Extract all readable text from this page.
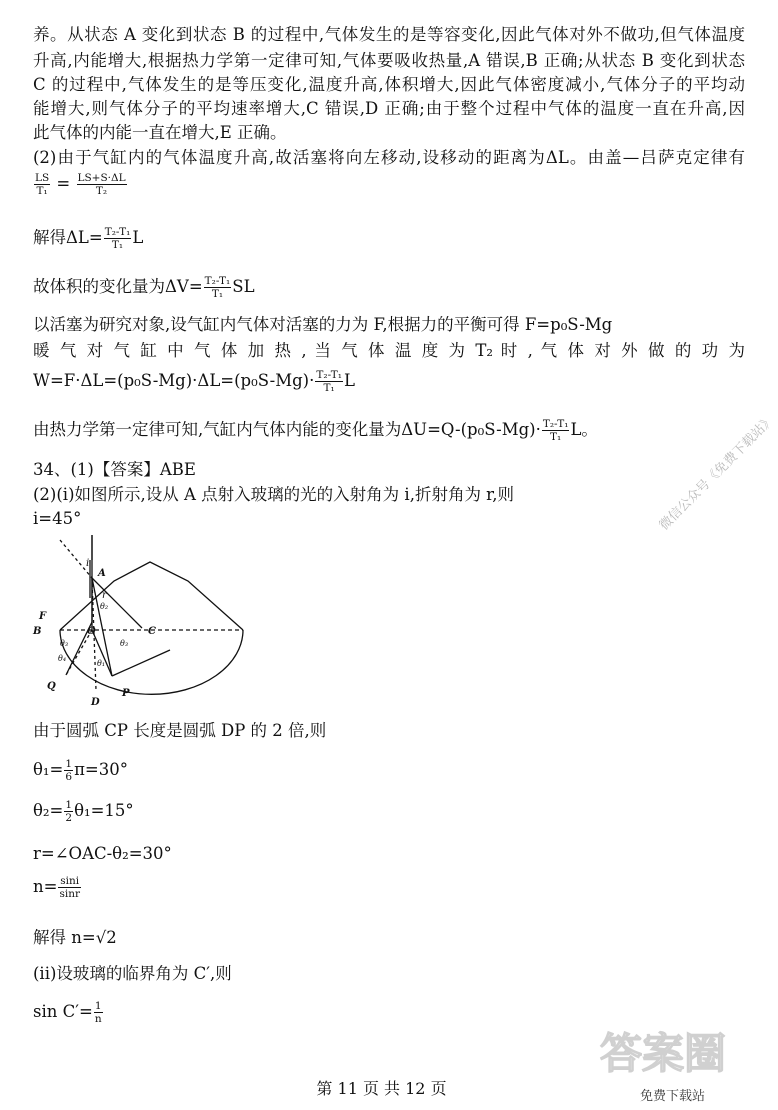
养。从状态 A 变化到状态 B 的过程中,气体发生的是等容变化,因此气体对外不做功,但气体温度
升高,内能增大,根据热力学第一定律可知,气体要吸收热量,A 错误,B 正确;从状态 B 变化到状态
C 的过程中,气体发生的是等压变化,温度升高,体积增大,因此气体密度减小,气体分子的平均动
能增大,则气体分子的平均速率增大,C 错误,D 正确;由于整个过程中气体的温度一直在升高,因
此气体的内能一直在增大,E 正确。
(2)由于气缸内的气体温度升高,故活塞将向左移动,设移动的距离为ΔL。由盖—吕萨克定律有
$\frac{LS}{\text{T₁}} = \frac{LS+S\cdot\Delta L}{\text{T₂}}$
解得$\Delta L= \frac{\text{T₂-T₁}}{\text{T₁}}$ L
故体积的变化量为$\Delta V= \frac{\text{T₂-T₁}}{\text{T₁}}$ SL
以活塞为研究对象,设气缸内气体对活塞的力为 F,根据力的平衡可得 F=p₀S-Mg
暖 气 对 气 缸 中 气 体 加 热 , 当 气 体 温 度 为 T₂ 时 , 气 体 对 外 做 的 功 为
$W=F\cdot\Delta L=(p_0S-Mg)\cdot\Delta L=(p_0S-Mg)\cdot \frac{\text{T₂-T₁}}{\text{T₁}}$ L
由热力学第一定律可知,气缸内气体内能的变化量为$\Delta U=Q-(p_0S-Mg)\cdot \frac{\text{T₂-T₁}}{\text{T₁}}$ L。
34、(1)【答案】ABE
(2)(i)如图所示,设从 A 点射入玻璃的光的入射角为 i,折射角为 r,则
i=45°
i
A
r
θ₂
F
B	O	C
θ₃	θ₃
θ₄
θ₁
Q
D
P
微信公众号《免费下载站》
由于圆弧 CP 长度是圆弧 DP 的 2 倍,则
$\theta_1= \frac{1}{6} \pi=30^\circ$
$\theta_2= \frac{1}{2} \theta_1=15^\circ$
r=∠OAC-θ₂=30°
$n= \frac{\sin i}{\sin r}$
解得 n=√2
(ii)设玻璃的临界角为 C′,则
$\sin C'= \frac{1}{n}$
答案圈
免费下载站
第 11 页 共 12 页
